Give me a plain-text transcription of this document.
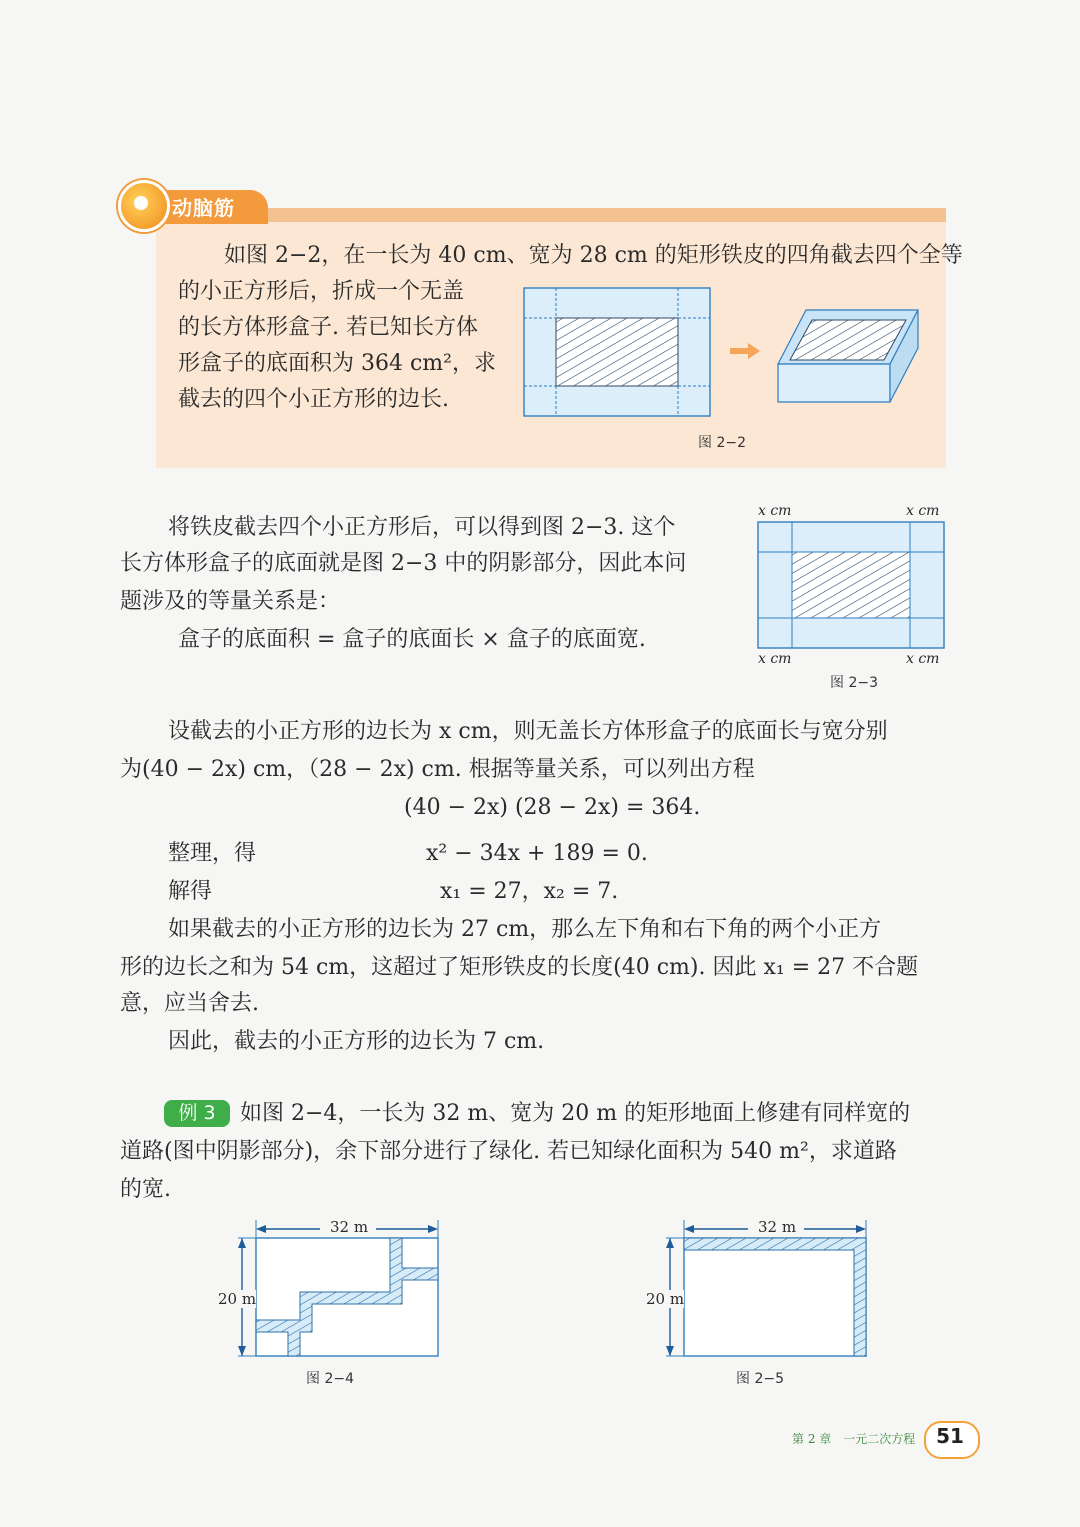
动脑筋
如图 2−2，在一长为 40 cm、宽为 28 cm 的矩形铁皮的四角截去四个全等
的小正方形后，折成一个无盖
的长方体形盒子. 若已知长方体
形盒子的底面积为 364 cm²，求
截去的四个小正方形的边长.
图 2−2
将铁皮截去四个小正方形后，可以得到图 2−3. 这个
长方体形盒子的底面就是图 2−3 中的阴影部分，因此本问
题涉及的等量关系是：
盒子的底面积 = 盒子的底面长 × 盒子的底面宽.
x cm	x cm
x cm	x cm
图 2−3
设截去的小正方形的边长为 x cm，则无盖长方体形盒子的底面长与宽分别
为(40 − 2x) cm，（28 − 2x) cm. 根据等量关系，可以列出方程
(40 − 2x) (28 − 2x) = 364.
整理，得	x² − 34x + 189 = 0.
解得	x₁ = 27，x₂ = 7.
如果截去的小正方形的边长为 27 cm，那么左下角和右下角的两个小正方
形的边长之和为 54 cm，这超过了矩形铁皮的长度(40 cm). 因此 x₁ = 27 不合题
意，应当舍去.
因此，截去的小正方形的边长为 7 cm.
例 3	如图 2−4，一长为 32 m、宽为 20 m 的矩形地面上修建有同样宽的
道路(图中阴影部分)，余下部分进行了绿化. 若已知绿化面积为 540 m²，求道路
的宽.
32 m
20 m
图 2−4
32 m
20 m
图 2−5
第 2 章　一元二次方程	51
